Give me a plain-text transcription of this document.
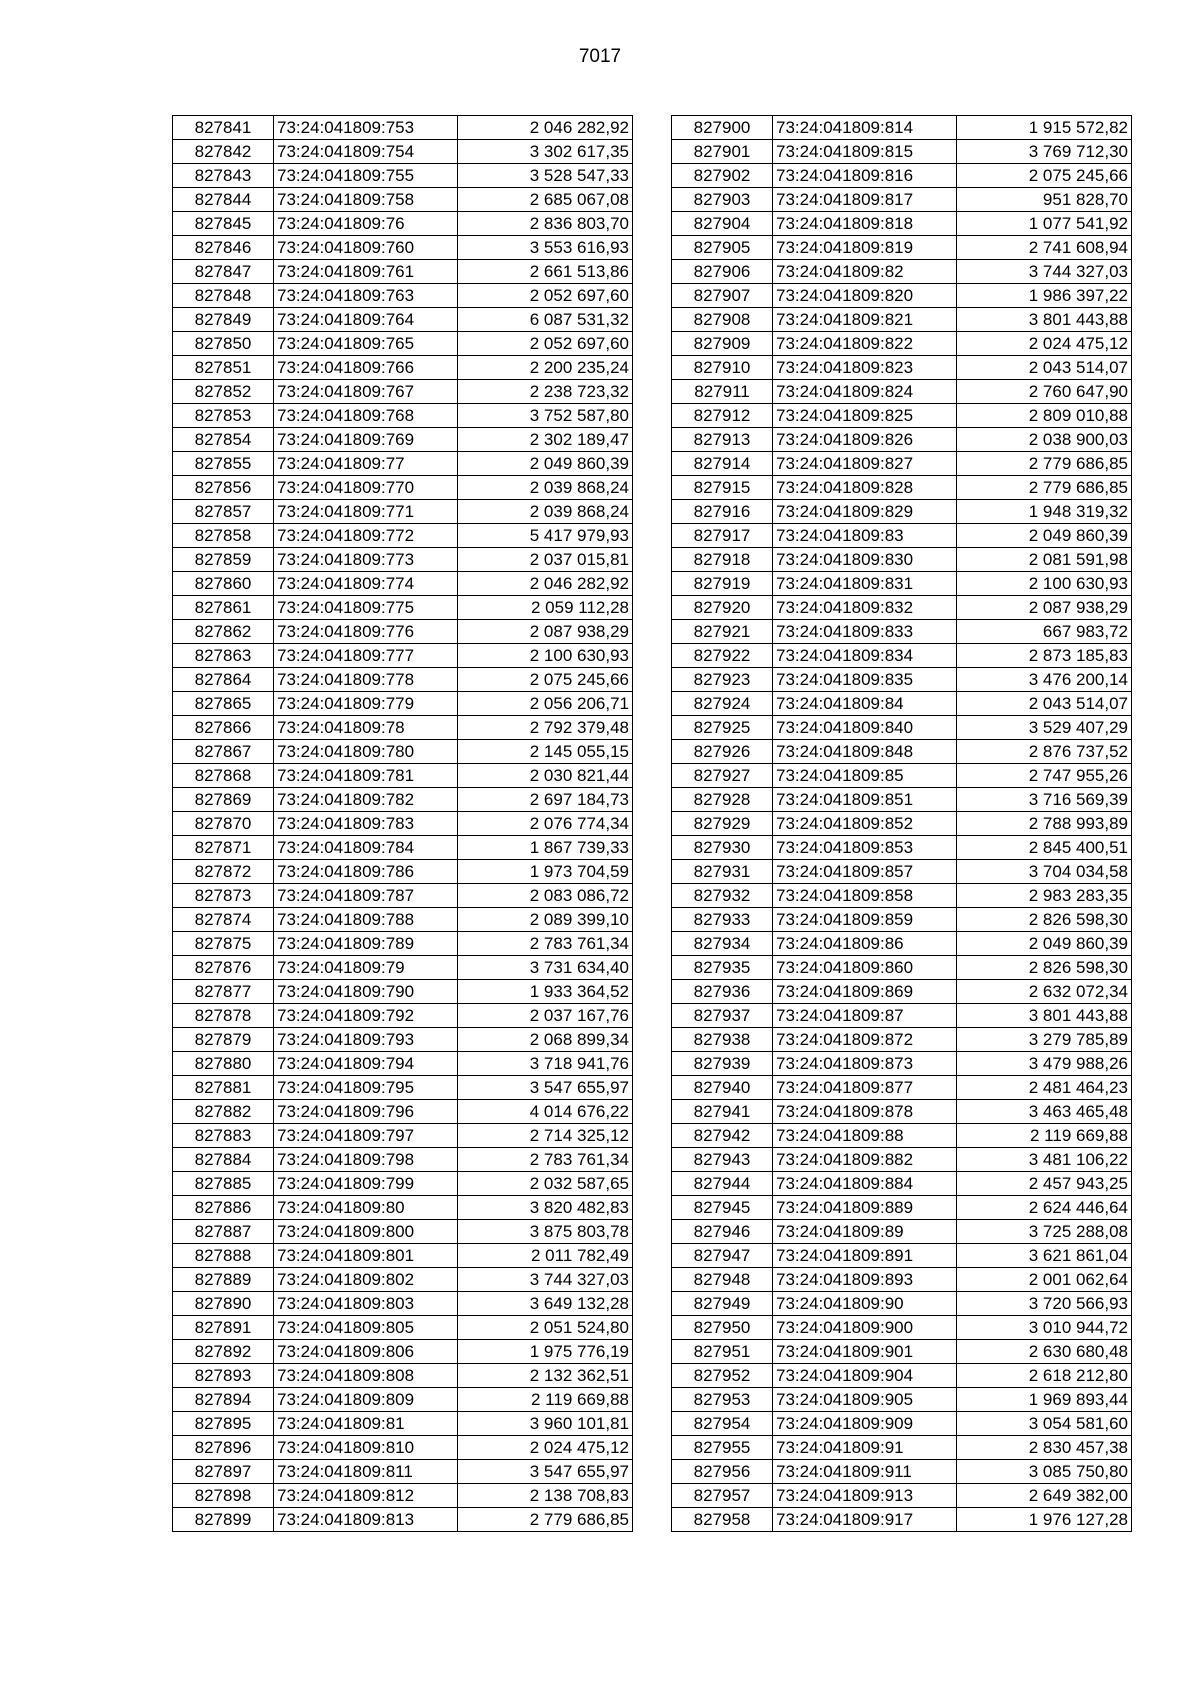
7017
827841	73:24:041809:753	2 046 282,92
827842	73:24:041809:754	3 302 617,35
827843	73:24:041809:755	3 528 547,33
827844	73:24:041809:758	2 685 067,08
827845	73:24:041809:76	2 836 803,70
827846	73:24:041809:760	3 553 616,93
827847	73:24:041809:761	2 661 513,86
827848	73:24:041809:763	2 052 697,60
827849	73:24:041809:764	6 087 531,32
827850	73:24:041809:765	2 052 697,60
827851	73:24:041809:766	2 200 235,24
827852	73:24:041809:767	2 238 723,32
827853	73:24:041809:768	3 752 587,80
827854	73:24:041809:769	2 302 189,47
827855	73:24:041809:77	2 049 860,39
827856	73:24:041809:770	2 039 868,24
827857	73:24:041809:771	2 039 868,24
827858	73:24:041809:772	5 417 979,93
827859	73:24:041809:773	2 037 015,81
827860	73:24:041809:774	2 046 282,92
827861	73:24:041809:775	2 059 112,28
827862	73:24:041809:776	2 087 938,29
827863	73:24:041809:777	2 100 630,93
827864	73:24:041809:778	2 075 245,66
827865	73:24:041809:779	2 056 206,71
827866	73:24:041809:78	2 792 379,48
827867	73:24:041809:780	2 145 055,15
827868	73:24:041809:781	2 030 821,44
827869	73:24:041809:782	2 697 184,73
827870	73:24:041809:783	2 076 774,34
827871	73:24:041809:784	1 867 739,33
827872	73:24:041809:786	1 973 704,59
827873	73:24:041809:787	2 083 086,72
827874	73:24:041809:788	2 089 399,10
827875	73:24:041809:789	2 783 761,34
827876	73:24:041809:79	3 731 634,40
827877	73:24:041809:790	1 933 364,52
827878	73:24:041809:792	2 037 167,76
827879	73:24:041809:793	2 068 899,34
827880	73:24:041809:794	3 718 941,76
827881	73:24:041809:795	3 547 655,97
827882	73:24:041809:796	4 014 676,22
827883	73:24:041809:797	2 714 325,12
827884	73:24:041809:798	2 783 761,34
827885	73:24:041809:799	2 032 587,65
827886	73:24:041809:80	3 820 482,83
827887	73:24:041809:800	3 875 803,78
827888	73:24:041809:801	2 011 782,49
827889	73:24:041809:802	3 744 327,03
827890	73:24:041809:803	3 649 132,28
827891	73:24:041809:805	2 051 524,80
827892	73:24:041809:806	1 975 776,19
827893	73:24:041809:808	2 132 362,51
827894	73:24:041809:809	2 119 669,88
827895	73:24:041809:81	3 960 101,81
827896	73:24:041809:810	2 024 475,12
827897	73:24:041809:811	3 547 655,97
827898	73:24:041809:812	2 138 708,83
827899	73:24:041809:813	2 779 686,85
827900	73:24:041809:814	1 915 572,82
827901	73:24:041809:815	3 769 712,30
827902	73:24:041809:816	2 075 245,66
827903	73:24:041809:817	951 828,70
827904	73:24:041809:818	1 077 541,92
827905	73:24:041809:819	2 741 608,94
827906	73:24:041809:82	3 744 327,03
827907	73:24:041809:820	1 986 397,22
827908	73:24:041809:821	3 801 443,88
827909	73:24:041809:822	2 024 475,12
827910	73:24:041809:823	2 043 514,07
827911	73:24:041809:824	2 760 647,90
827912	73:24:041809:825	2 809 010,88
827913	73:24:041809:826	2 038 900,03
827914	73:24:041809:827	2 779 686,85
827915	73:24:041809:828	2 779 686,85
827916	73:24:041809:829	1 948 319,32
827917	73:24:041809:83	2 049 860,39
827918	73:24:041809:830	2 081 591,98
827919	73:24:041809:831	2 100 630,93
827920	73:24:041809:832	2 087 938,29
827921	73:24:041809:833	667 983,72
827922	73:24:041809:834	2 873 185,83
827923	73:24:041809:835	3 476 200,14
827924	73:24:041809:84	2 043 514,07
827925	73:24:041809:840	3 529 407,29
827926	73:24:041809:848	2 876 737,52
827927	73:24:041809:85	2 747 955,26
827928	73:24:041809:851	3 716 569,39
827929	73:24:041809:852	2 788 993,89
827930	73:24:041809:853	2 845 400,51
827931	73:24:041809:857	3 704 034,58
827932	73:24:041809:858	2 983 283,35
827933	73:24:041809:859	2 826 598,30
827934	73:24:041809:86	2 049 860,39
827935	73:24:041809:860	2 826 598,30
827936	73:24:041809:869	2 632 072,34
827937	73:24:041809:87	3 801 443,88
827938	73:24:041809:872	3 279 785,89
827939	73:24:041809:873	3 479 988,26
827940	73:24:041809:877	2 481 464,23
827941	73:24:041809:878	3 463 465,48
827942	73:24:041809:88	2 119 669,88
827943	73:24:041809:882	3 481 106,22
827944	73:24:041809:884	2 457 943,25
827945	73:24:041809:889	2 624 446,64
827946	73:24:041809:89	3 725 288,08
827947	73:24:041809:891	3 621 861,04
827948	73:24:041809:893	2 001 062,64
827949	73:24:041809:90	3 720 566,93
827950	73:24:041809:900	3 010 944,72
827951	73:24:041809:901	2 630 680,48
827952	73:24:041809:904	2 618 212,80
827953	73:24:041809:905	1 969 893,44
827954	73:24:041809:909	3 054 581,60
827955	73:24:041809:91	2 830 457,38
827956	73:24:041809:911	3 085 750,80
827957	73:24:041809:913	2 649 382,00
827958	73:24:041809:917	1 976 127,28
